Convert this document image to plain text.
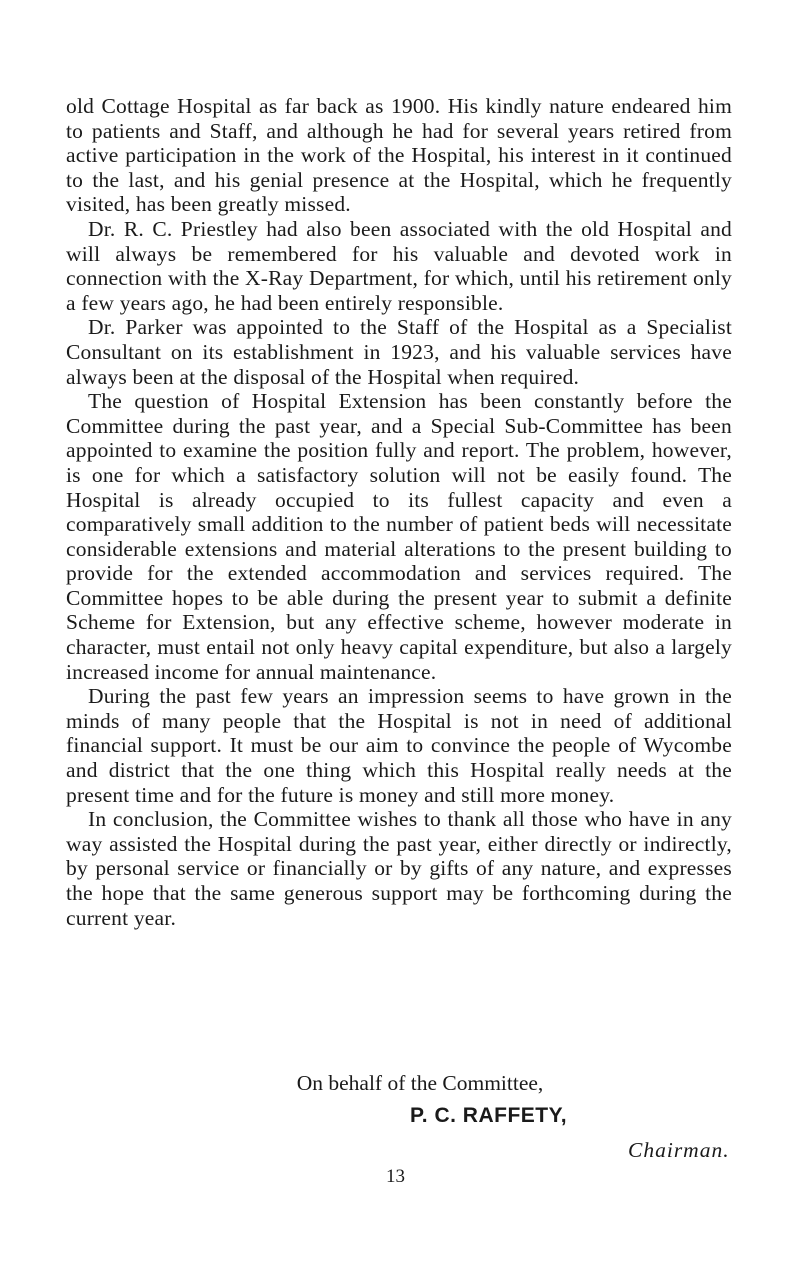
old Cottage Hospital as far back as 1900. His kindly nature endeared him to patients and Staff, and although he had for several years retired from active participation in the work of the Hospital, his interest in it continued to the last, and his genial presence at the Hospital, which he frequently visited, has been greatly missed.

Dr. R. C. Priestley had also been associated with the old Hospital and will always be remembered for his valuable and devoted work in connection with the X-Ray Department, for which, until his retirement only a few years ago, he had been entirely responsible.

Dr. Parker was appointed to the Staff of the Hospital as a Specialist Consultant on its establishment in 1923, and his valuable services have always been at the disposal of the Hospital when required.

The question of Hospital Extension has been constantly before the Committee during the past year, and a Special Sub-Committee has been appointed to examine the position fully and report. The problem, however, is one for which a satisfactory solution will not be easily found. The Hospital is already occupied to its fullest capacity and even a comparatively small addition to the number of patient beds will necessitate considerable extensions and material alterations to the present building to provide for the extended accommodation and services required. The Committee hopes to be able during the present year to submit a definite Scheme for Extension, but any effective scheme, however moderate in character, must entail not only heavy capital expenditure, but also a largely increased income for annual maintenance.

During the past few years an impression seems to have grown in the minds of many people that the Hospital is not in need of additional financial support. It must be our aim to convince the people of Wycombe and district that the one thing which this Hospital really needs at the present time and for the future is money and still more money.

In conclusion, the Committee wishes to thank all those who have in any way assisted the Hospital during the past year, either directly or indirectly, by personal service or financially or by gifts of any nature, and expresses the hope that the same generous support may be forthcoming during the current year.

On behalf of the Committee,
P. C. RAFFETY,
Chairman.
13
